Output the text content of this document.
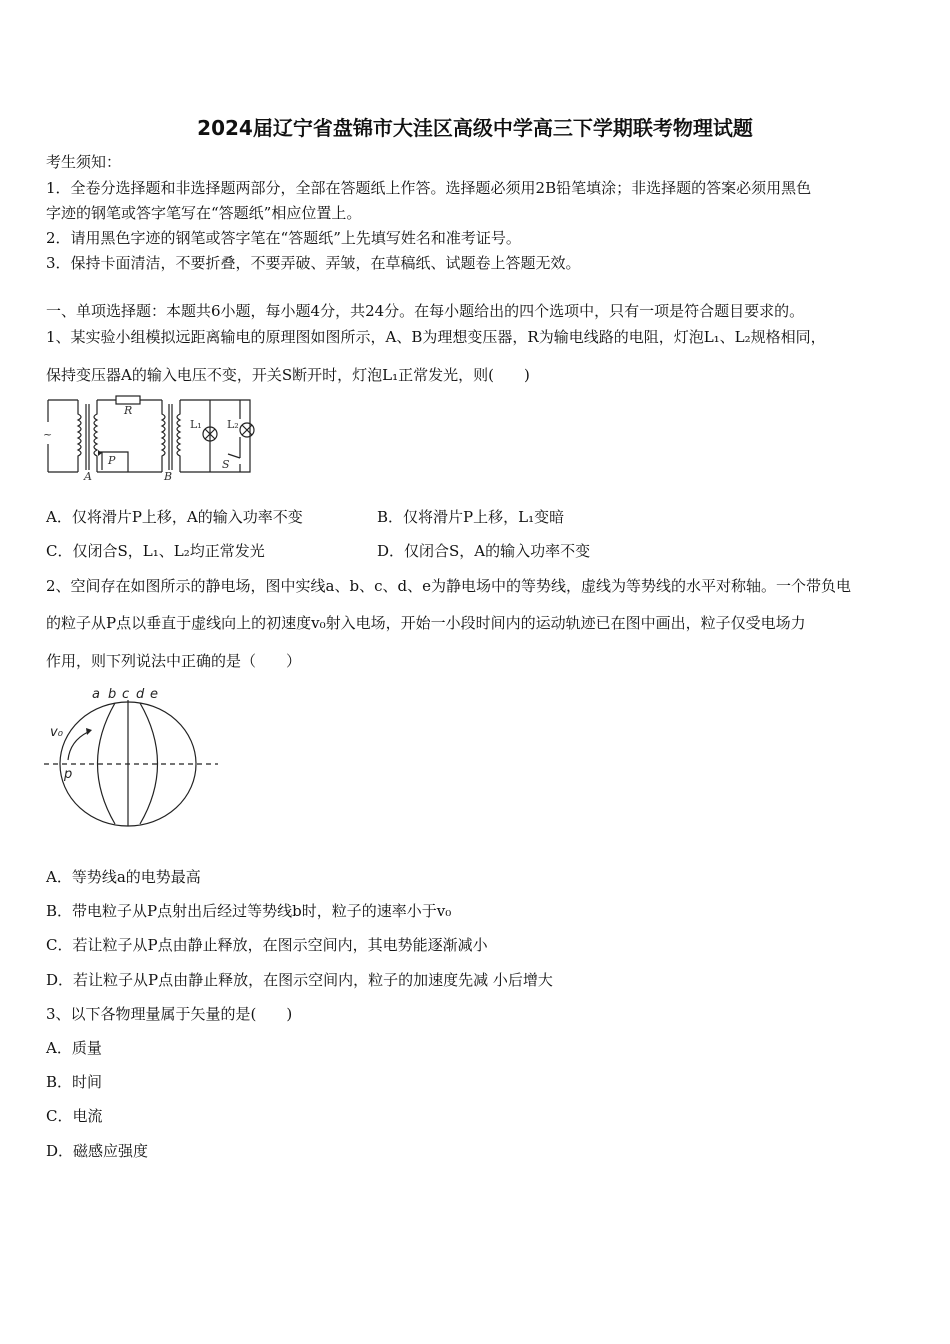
2024届辽宁省盘锦市大洼区高级中学高三下学期联考物理试题
考生须知：
1．全卷分选择题和非选择题两部分，全部在答题纸上作答。选择题必须用2B铅笔填涂；非选择题的答案必须用黑色
字迹的钢笔或答字笔写在“答题纸”相应位置上。
2．请用黑色字迹的钢笔或答字笔在“答题纸”上先填写姓名和准考证号。
3．保持卡面清洁，不要折叠，不要弄破、弄皱，在草稿纸、试题卷上答题无效。
一、单项选择题：本题共6小题，每小题4分，共24分。在每小题给出的四个选项中，只有一项是符合题目要求的。
1、某实验小组模拟远距离输电的原理图如图所示，A、B为理想变压器，R为输电线路的电阻，灯泡L₁、L₂规格相同，
保持变压器A的输入电压不变，开关S断开时，灯泡L₁正常发光，则(　　)
~
R
P
A	B
L₁ L₂
S
A．仅将滑片P上移，A的输入功率不变	B．仅将滑片P上移，L₁变暗
C．仅闭合S，L₁、L₂均正常发光	D．仅闭合S，A的输入功率不变
2、空间存在如图所示的静电场，图中实线a、b、c、d、e为静电场中的等势线，虚线为等势线的水平对称轴。一个带负电
的粒子从P点以垂直于虚线向上的初速度v₀射入电场，开始一小段时间内的运动轨迹已在图中画出，粒子仅受电场力
作用，则下列说法中正确的是（　　）
a b c d e
v₀
p
A．等势线a的电势最高
B．带电粒子从P点射出后经过等势线b时，粒子的速率小于v₀
C．若让粒子从P点由静止释放，在图示空间内，其电势能逐渐减小
D．若让粒子从P点由静止释放，在图示空间内，粒子的加速度先减 小后增大
3、以下各物理量属于矢量的是(　　)
A．质量
B．时间
C．电流
D．磁感应强度
